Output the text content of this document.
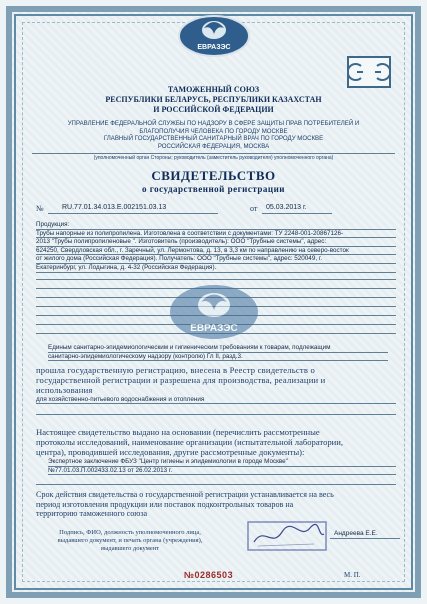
ЕВРАЗЭС
ТАМОЖЕННЫЙ СОЮЗ
РЕСПУБЛИКИ БЕЛАРУСЬ, РЕСПУБЛИКИ КАЗАХСТАН
И РОССИЙСКОЙ ФЕДЕРАЦИИ
УПРАВЛЕНИЕ ФЕДЕРАЛЬНОЙ СЛУЖБЫ ПО НАДЗОРУ В СФЕРЕ ЗАЩИТЫ ПРАВ ПОТРЕБИТЕЛЕЙ И
БЛАГОПОЛУЧИЯ ЧЕЛОВЕКА ПО ГОРОДУ МОСКВЕ
ГЛАВНЫЙ ГОСУДАРСТВЕННЫЙ САНИТАРНЫЙ ВРАЧ ПО ГОРОДУ МОСКВЕ
РОССИЙСКАЯ ФЕДЕРАЦИЯ, МОСКВА
(уполномоченный орган Стороны; руководитель (заместитель руководителя) уполномоченного органа)
СВИДЕТЕЛЬСТВО
о государственной регистрации
№	RU.77.01.34.013.E.002151.03.13	от 05.03.2013 г.
Продукция:
Трубы напорные из полипропилена. Изготовлена в соответствии с документами: ТУ 2248-001-20867126-
2013 "Трубы полипропиленовые ". Изготовитель (производитель): ООО "Трубные системы", адрес:
624250, Свердловская обл., г. Заречный, ул. Лермонтова, д. 13, в 3,3 км по направлению на северо-восток
от жилого дома (Российская Федерация). Получатель: ООО "Трубные системы", адрес: 520049, г.
Екатеринбург, ул. Лодыгина, д. 4-32 (Российская Федерация).
ЕВРАЗЭС
Единым санитарно-эпидемиологическим и гигиеническим требованиям к товарам, подлежащим
санитарно-эпидемиологическому надзору (контролю) Гл II, разд.3.
прошла государственную регистрацию, внесена в Реестр свидетельств о
государственной регистрации и разрешена для производства, реализации и
использования
для хозяйственно-питьевого водоснабжения и отопления
Настоящее свидетельство выдано на основании (перечислить рассмотренные
протоколы исследований, наименование организации (испытательной лаборатории,
центра), проводившей исследования, другие рассмотренные документы):
Экспертное заключение ФБУЗ "Центр гигиены и эпидемиологии в городе Москве"
№77.01.03.П.002433.02.13 от 26.02.2013 г.
Срок действия свидетельства о государственной регистрации устанавливается на весь
период изготовления продукции или поставок подконтрольных товаров на
территорию таможенного союза
Подпись, ФИО, должность уполномоченного лица,
выдавшего документ, и печать органа (учреждения),
выдавшего документ
Андреева Е.Е.
№0286503	М. П.
